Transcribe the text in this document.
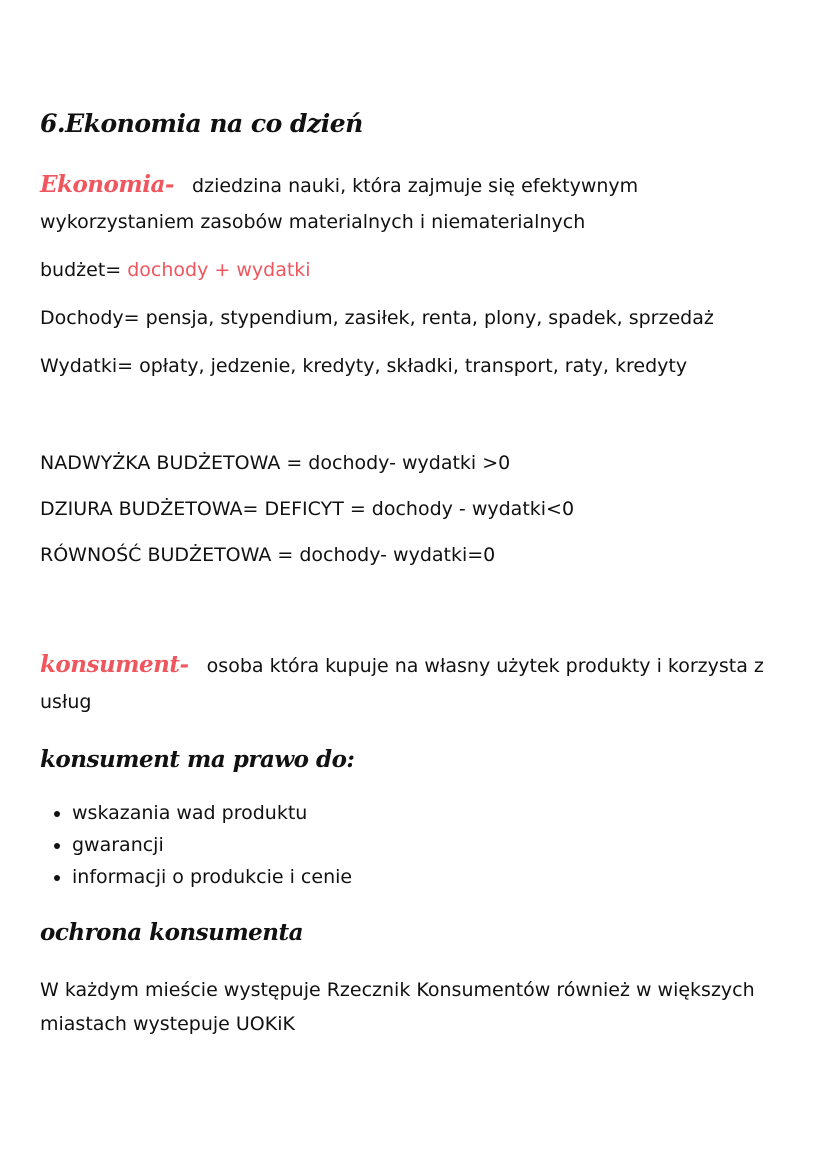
6.Ekonomia na co dzień
Ekonomia- dziedzina nauki, która zajmuje się efektywnym
wykorzystaniem zasobów materialnych i niematerialnych
budżet= dochody + wydatki
Dochody= pensja, stypendium, zasiłek, renta, plony, spadek, sprzedaż
Wydatki= opłaty, jedzenie, kredyty, składki, transport, raty, kredyty
NADWYŻKA BUDŻETOWA = dochody- wydatki >0
DZIURA BUDŻETOWA= DEFICYT = dochody - wydatki<0
RÓWNOŚĆ BUDŻETOWA = dochody- wydatki=0
konsument- osoba która kupuje na własny użytek produkty i korzysta z
usług
konsument ma prawo do:
• wskazania wad produktu
• gwarancji
• informacji o produkcie i cenie
ochrona konsumenta
W każdym mieście występuje Rzecznik Konsumentów również w większych
miastach wystepuje UOKiK
